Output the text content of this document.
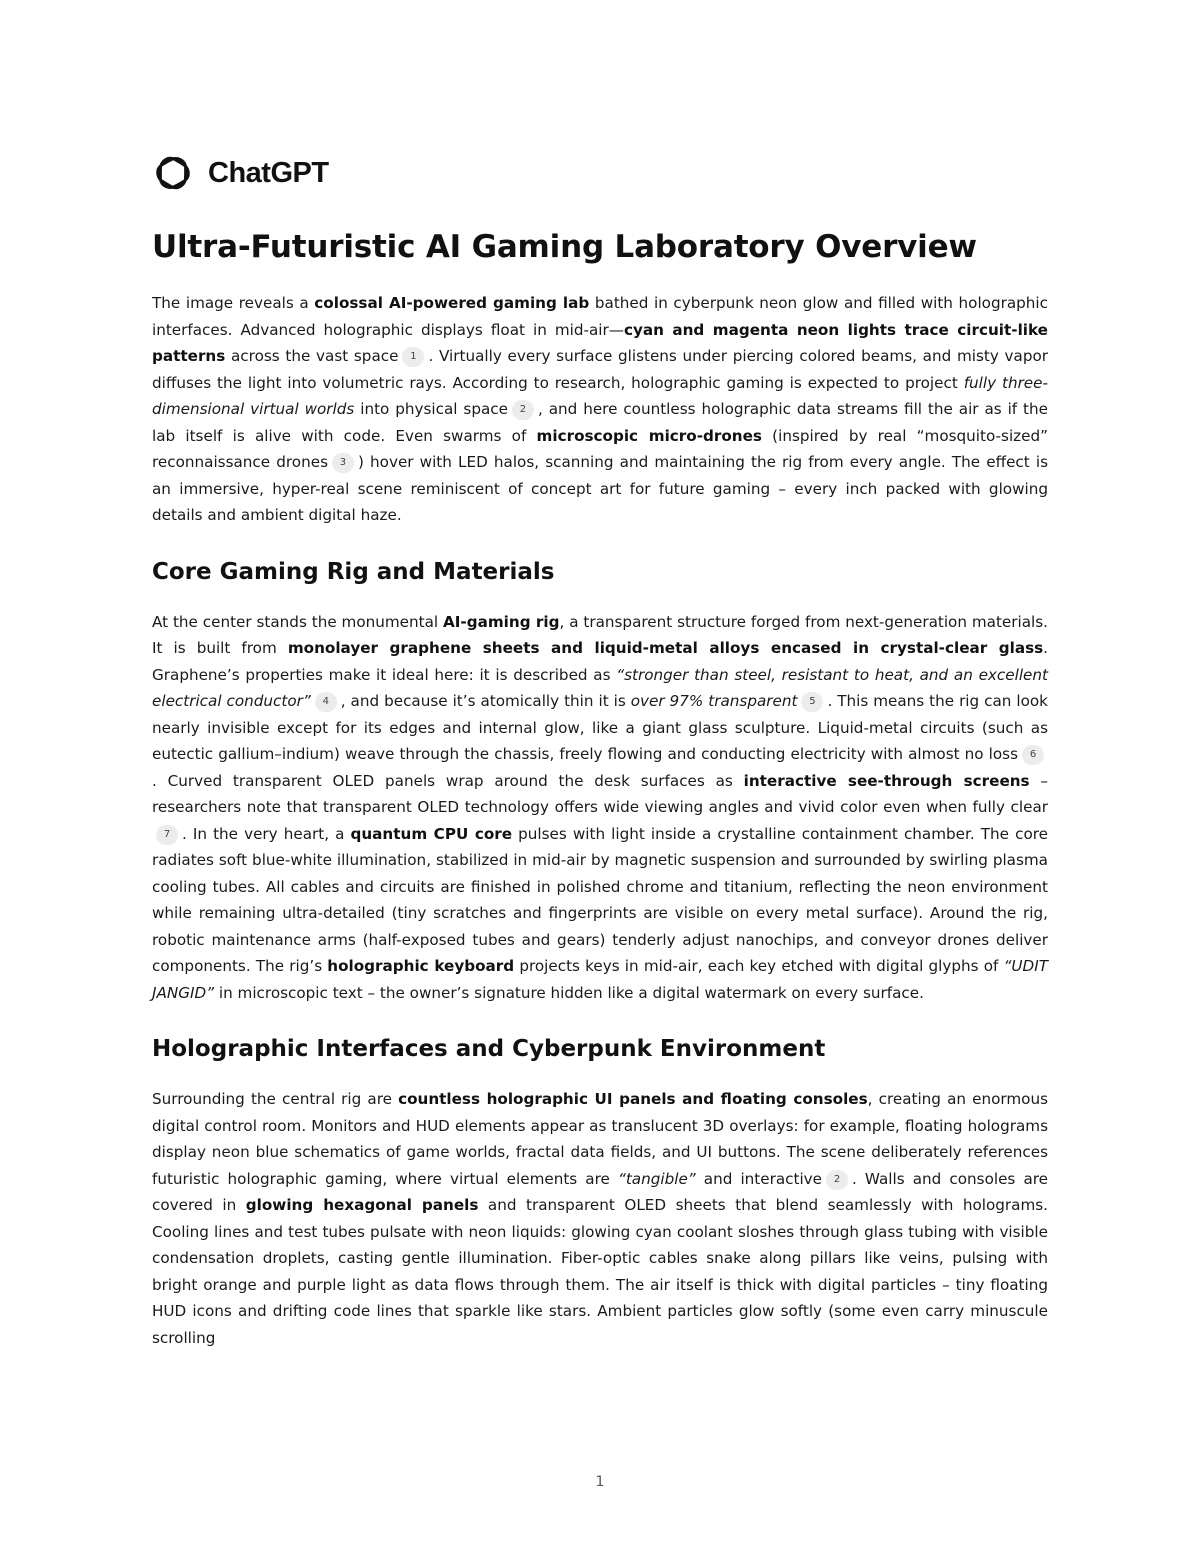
ChatGPT
Ultra-Futuristic AI Gaming Laboratory Overview

The image reveals a colossal AI-powered gaming lab bathed in cyberpunk neon glow and filled with holographic interfaces. Advanced holographic displays float in mid-air—cyan and magenta neon lights trace circuit-like patterns across the vast space 1 . Virtually every surface glistens under piercing colored beams, and misty vapor diffuses the light into volumetric rays. According to research, holographic gaming is expected to project fully three-dimensional virtual worlds into physical space 2 , and here countless holographic data streams fill the air as if the lab itself is alive with code. Even swarms of microscopic micro-drones (inspired by real “mosquito-sized” reconnaissance drones 3 ) hover with LED halos, scanning and maintaining the rig from every angle. The effect is an immersive, hyper-real scene reminiscent of concept art for future gaming – every inch packed with glowing details and ambient digital haze.

Core Gaming Rig and Materials

At the center stands the monumental AI-gaming rig, a transparent structure forged from next-generation materials. It is built from monolayer graphene sheets and liquid-metal alloys encased in crystal-clear glass. Graphene’s properties make it ideal here: it is described as “stronger than steel, resistant to heat, and an excellent electrical conductor” 4 , and because it’s atomically thin it is over 97% transparent 5 . This means the rig can look nearly invisible except for its edges and internal glow, like a giant glass sculpture. Liquid-metal circuits (such as eutectic gallium–indium) weave through the chassis, freely flowing and conducting electricity with almost no loss 6. Curved transparent OLED panels wrap around the desk surfaces as interactive see-through screens – researchers note that transparent OLED technology offers wide viewing angles and vivid color even when fully clear7 . In the very heart, a quantum CPU core pulses with light inside a crystalline containment chamber. The core radiates soft blue-white illumination, stabilized in mid-air by magnetic suspension and surrounded by swirling plasma cooling tubes. All cables and circuits are finished in polished chrome and titanium, reflecting the neon environment while remaining ultra-detailed (tiny scratches and fingerprints are visible on every metal surface). Around the rig, robotic maintenance arms (half-exposed tubes and gears) tenderly adjust nanochips, and conveyor drones deliver components. The rig’s holographic keyboard projects keys in mid-air, each key etched with digital glyphs of “UDIT JANGID” in microscopic text – the owner’s signature hidden like a digital watermark on every surface.

Holographic Interfaces and Cyberpunk Environment

Surrounding the central rig are countless holographic UI panels and floating consoles, creating an enormous digital control room. Monitors and HUD elements appear as translucent 3D overlays: for example, floating holograms display neon blue schematics of game worlds, fractal data fields, and UI buttons. The scene deliberately references futuristic holographic gaming, where virtual elements are “tangible” and interactive 2 . Walls and consoles are covered in glowing hexagonal panels and transparent OLED sheets that blend seamlessly with holograms. Cooling lines and test tubes pulsate with neon liquids: glowing cyan coolant sloshes through glass tubing with visible condensation droplets, casting gentle illumination. Fiber-optic cables snake along pillars like veins, pulsing with bright orange and purple light as data flows through them. The air itself is thick with digital particles – tiny floating HUD icons and drifting code lines that sparkle like stars. Ambient particles glow softly (some even carry minuscule scrolling

1
